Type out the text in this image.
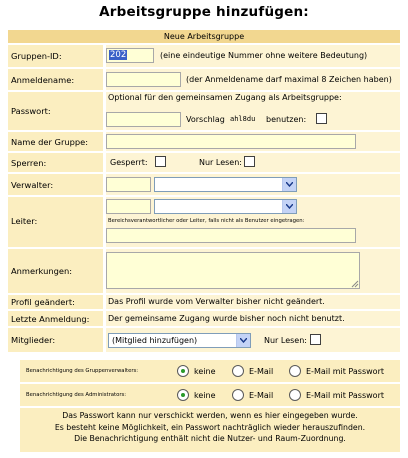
Arbeitsgruppe hinzufügen:
Neue Arbeitsgruppe
Gruppen-ID:	202	(eine eindeutige Nummer ohne weitere Bedeutung)
Anmeldename:	(der Anmeldename darf maximal 8 Zeichen haben)
Passwort:
Optional für den gemeinsamen Zugang als Arbeitsgruppe:
Vorschlag ahl8du benutzen:
Name der Gruppe:
Sperren:	Gesperrt:	Nur Lesen:
Verwalter:
Leiter:	Bereichsverantwortlicher oder Leiter, falls nicht als Benutzer eingetragen:
Anmerkungen:
Profil geändert:	Das Profil wurde vom Verwalter bisher nicht geändert.
Letzte Anmeldung: Der gemeinsame Zugang wurde bisher noch nicht benutzt.
Mitglieder:	(Mitglied hinzufügen)	Nur Lesen:
Benachrichtigung des Gruppenverwalters:	keine	E-Mail	E-Mail mit Passwort
Benachrichtigung des Administrators:	keine	E-Mail	E-Mail mit Passwort

Das Passwort kann nur verschickt werden, wenn es hier eingegeben wurde.

Es besteht keine Möglichkeit, ein Passwort nachträglich wieder herauszufinden.

Die Benachrichtigung enthält nicht die Nutzer- und Raum-Zuordnung.
